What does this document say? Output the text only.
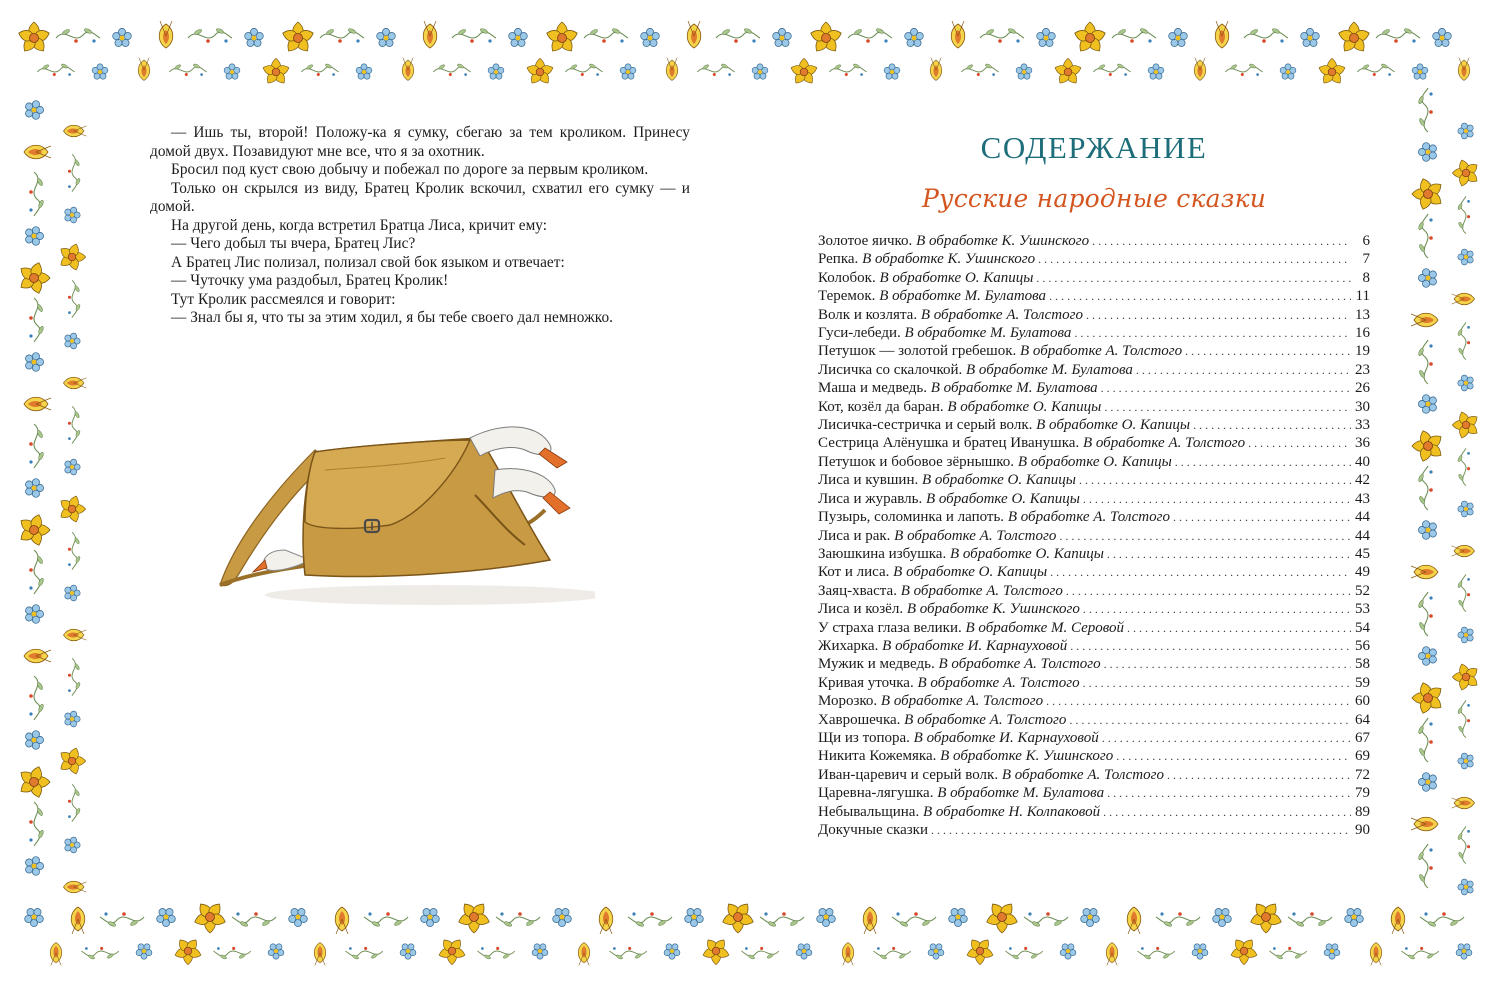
— Ишь ты, второй! Положу-ка я сумку, сбегаю за тем кроликом. Принесу домой двух. Позавидуют мне все, что я за охотник.

Бросил под куст свою добычу и побежал по дороге за первым кроликом.

Только он скрылся из виду, Братец Кролик вскочил, схватил его сумку — и домой.

На другой день, когда встретил Братца Лиса, кричит ему:

— Чего добыл ты вчера, Братец Лис?

А Братец Лис полизал, полизал свой бок языком и отвечает:

— Чуточку ума раздобыл, Братец Кролик!

Тут Кролик рассмеялся и говорит:

— Знал бы я, что ты за этим ходил, я бы тебе своего дал немножко.

СОДЕРЖАНИЕ
Русские народные сказки
Золотое яичко. В обработке К. Ушинского . . .	6
Репка. В обработке К. Ушинского . . .	7
Колобок. В обработке О. Капицы . . .	8
Теремок. В обработке М. Булатова . . .	11
Волк и козлята. В обработке А. Толстого . . .	13
Гуси-лебеди. В обработке М. Булатова . . .	16
Петушок — золотой гребешок. В обработке А. Толстого . . .	19
Лисичка со скалочкой. В обработке М. Булатова . . .	23
Маша и медведь. В обработке М. Булатова . . .	26
Кот, козёл да баран. В обработке О. Капицы . . .	30
Лисичка-сестричка и серый волк. В обработке О. Капицы . . .	33
Сестрица Алёнушка и братец Иванушка. В обработке А. Толстого . . .	36
Петушок и бобовое зёрнышко. В обработке О. Капицы . . .	40
Лиса и кувшин. В обработке О. Капицы . . .	42
Лиса и журавль. В обработке О. Капицы . . .	43
Пузырь, соломинка и лапоть. В обработке А. Толстого . . .	44
Лиса и рак. В обработке А. Толстого . . .	44
Заюшкина избушка. В обработке О. Капицы . . .	45
Кот и лиса. В обработке О. Капицы . . .	49
Заяц-хваста. В обработке А. Толстого . . .	52
Лиса и козёл. В обработке К. Ушинского . . .	53
У страха глаза велики. В обработке М. Серовой . . .	54
Жихарка. В обработке И. Карнауховой . . .	56
Мужик и медведь. В обработке А. Толстого . . .	58
Кривая уточка. В обработке А. Толстого . . .	59
Морозко. В обработке А. Толстого . . .	60
Хаврошечка. В обработке А. Толстого . . .	64
Щи из топора. В обработке И. Карнауховой . . .	67
Никита Кожемяка. В обработке К. Ушинского . . .	69
Иван-царевич и серый волк. В обработке А. Толстого . . .	72
Царевна-лягушка. В обработке М. Булатова . . .	79
Небывальщина. В обработке Н. Колпаковой . . .	89
Докучные сказки . . .	90
